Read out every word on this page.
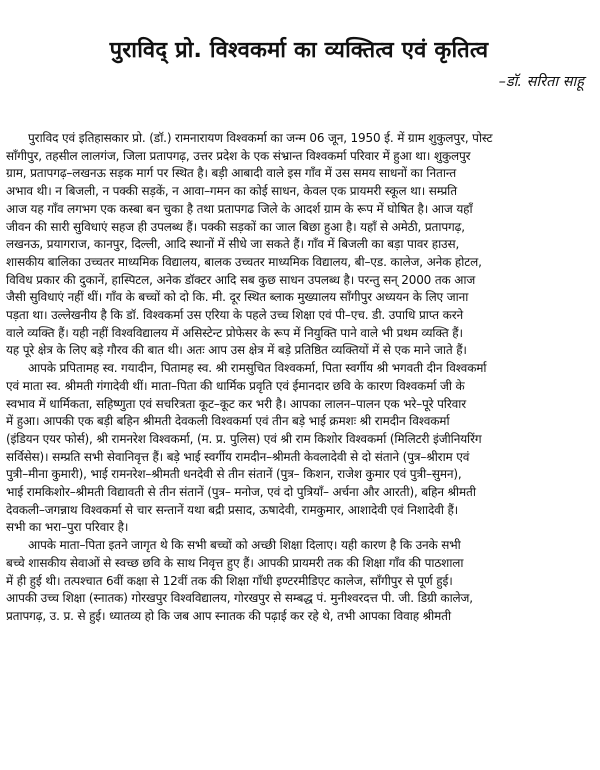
पुराविद् प्रो. विश्वकर्मा का व्यक्तित्व एवं कृतित्व
–डॉ. सरिता साहू

पुराविद एवं इतिहासकार प्रो. (डॉ.) रामनारायण विश्वकर्मा का जन्म 06 जून, 1950 ई. में ग्राम शुकुलपुर, पोस्ट
सॉंगीपुर, तहसील लालगंज, जिला प्रतापगढ़, उत्तर प्रदेश के एक संभ्रान्त विश्वकर्मा परिवार में हुआ था। शुकुलपुर
ग्राम, प्रतापगढ़–लखनऊ सड़क मार्ग पर स्थित है। बड़ी आबादी वाले इस गाँव में उस समय साधनों का नितान्त
अभाव थी। न बिजली, न पक्की सड़कें, न आवा–गमन का कोई साधन, केवल एक प्रायमरी स्कूल था। सम्प्रति
आज यह गाँव लगभग एक कस्बा बन चुका है तथा प्रतापगढ जिले के आदर्श ग्राम के रूप में घोषित है। आज यहाँ
जीवन की सारी सुविधाएं सहज ही उपलब्ध हैं। पक्की सड़कों का जाल बिछा हुआ है। यहाँ से अमेठी, प्रतापगढ़,
लखनऊ, प्रयागराज, कानपुर, दिल्ली, आदि स्थानों में सीधे जा सकते हैं। गाँव में बिजली का बड़ा पावर हाउस,
शासकीय बालिका उच्चतर माध्यमिक विद्यालय, बालक उच्चतर माध्यमिक विद्यालय, बी–एड. कालेज, अनेक होटल,
विविध प्रकार की दुकानें, हास्पिटल, अनेक डॉक्टर आदि सब कुछ साधन उपलब्ध है। परन्तु सन् 2000 तक आज
जैसी सुविधाएं नहीं थीं। गाँव के बच्चों को दो कि. मी. दूर स्थित ब्लाक मुख्यालय सॉंगीपुर अध्ययन के लिए जाना
पड़ता था। उल्लेखनीय है कि डॉ. विश्वकर्मा उस एरिया के पहले उच्च शिक्षा एवं पी–एच. डी. उपाधि प्राप्त करने
वाले व्यक्ति हैं। यही नहीं विश्वविद्यालय में असिस्टेन्ट प्रोफेसर के रूप में नियुक्ति पाने वाले भी प्रथम व्यक्ति हैं।
यह पूरे क्षेत्र के लिए बड़े गौरव की बात थी। अतः आप उस क्षेत्र में बड़े प्रतिष्ठित व्यक्तियों में से एक माने जाते हैं।

आपके प्रपितामह स्व. गयादीन, पितामह स्व. श्री रामसुचित विश्वकर्मा, पिता स्वर्गीय श्री भगवती दीन विश्वकर्मा
एवं माता स्व. श्रीमती गंगादेवी थीं। माता–पिता की धार्मिक प्रवृति एवं ईमानदार छवि के कारण विश्वकर्मा जी के
स्वभाव में धार्मिकता, सहिष्णुता एवं सचरित्रता कूट–कूट कर भरी है। आपका लालन–पालन एक भरे–पूरे परिवार
में हुआ। आपकी एक बड़ी बहिन श्रीमती देवकली विश्वकर्मा एवं तीन बड़े भाई क्रमशः श्री रामदीन विश्वकर्मा
(इंडियन एयर फोर्स), श्री रामनरेश विश्वकर्मा, (म. प्र. पुलिस) एवं श्री राम किशोर विश्वकर्मा (मिलिटरी इंजीनियरिंग
सर्विसेस)। सम्प्रति सभी सेवानिवृत्त हैं। बड़े भाई स्वर्गीय रामदीन–श्रीमती केवलादेवी से दो संताने (पुत्र–श्रीराम एवं
पुत्री–मीना कुमारी), भाई रामनरेश–श्रीमती धनदेवी से तीन संतानें (पुत्र– किशन, राजेश कुमार एवं पुत्री–सुमन),
भाई रामकिशोर–श्रीमती विद्यावती से तीन संतानें (पुत्र– मनोज, एवं दो पुत्रियाँ– अर्चना और आरती), बहिन श्रीमती
देवकली–जगन्नाथ विश्वकर्मा से चार सन्तानें यथा बद्री प्रसाद, ऊषादेवी, रामकुमार, आशादेवी एवं निशादेवी हैं।
सभी का भरा–पुरा परिवार है।

आपके माता–पिता इतने जागृत थे कि सभी बच्चों को अच्छी शिक्षा दिलाए। यही कारण है कि उनके सभी
बच्चे शासकीय सेवाओं से स्वच्छ छवि के साथ निवृत्त हुए हैं। आपकी प्रायमरी तक की शिक्षा गाँव की पाठशाला
में ही हुई थी। तत्पश्चात 6वीं कक्षा से 12वीं तक की शिक्षा गाँधी इण्टरमीडिएट कालेज, सॉंगीपुर से पूर्ण हुई।
आपकी उच्च शिक्षा (स्नातक) गोरखपुर विश्वविद्यालय, गोरखपुर से सम्बद्ध पं. मुनीश्वरदत्त पी. जी. डिग्री कालेज,
प्रतापगढ़, उ. प्र. से हुई। ध्यातव्य हो कि जब आप स्नातक की पढ़ाई कर रहे थे, तभी आपका विवाह श्रीमती
